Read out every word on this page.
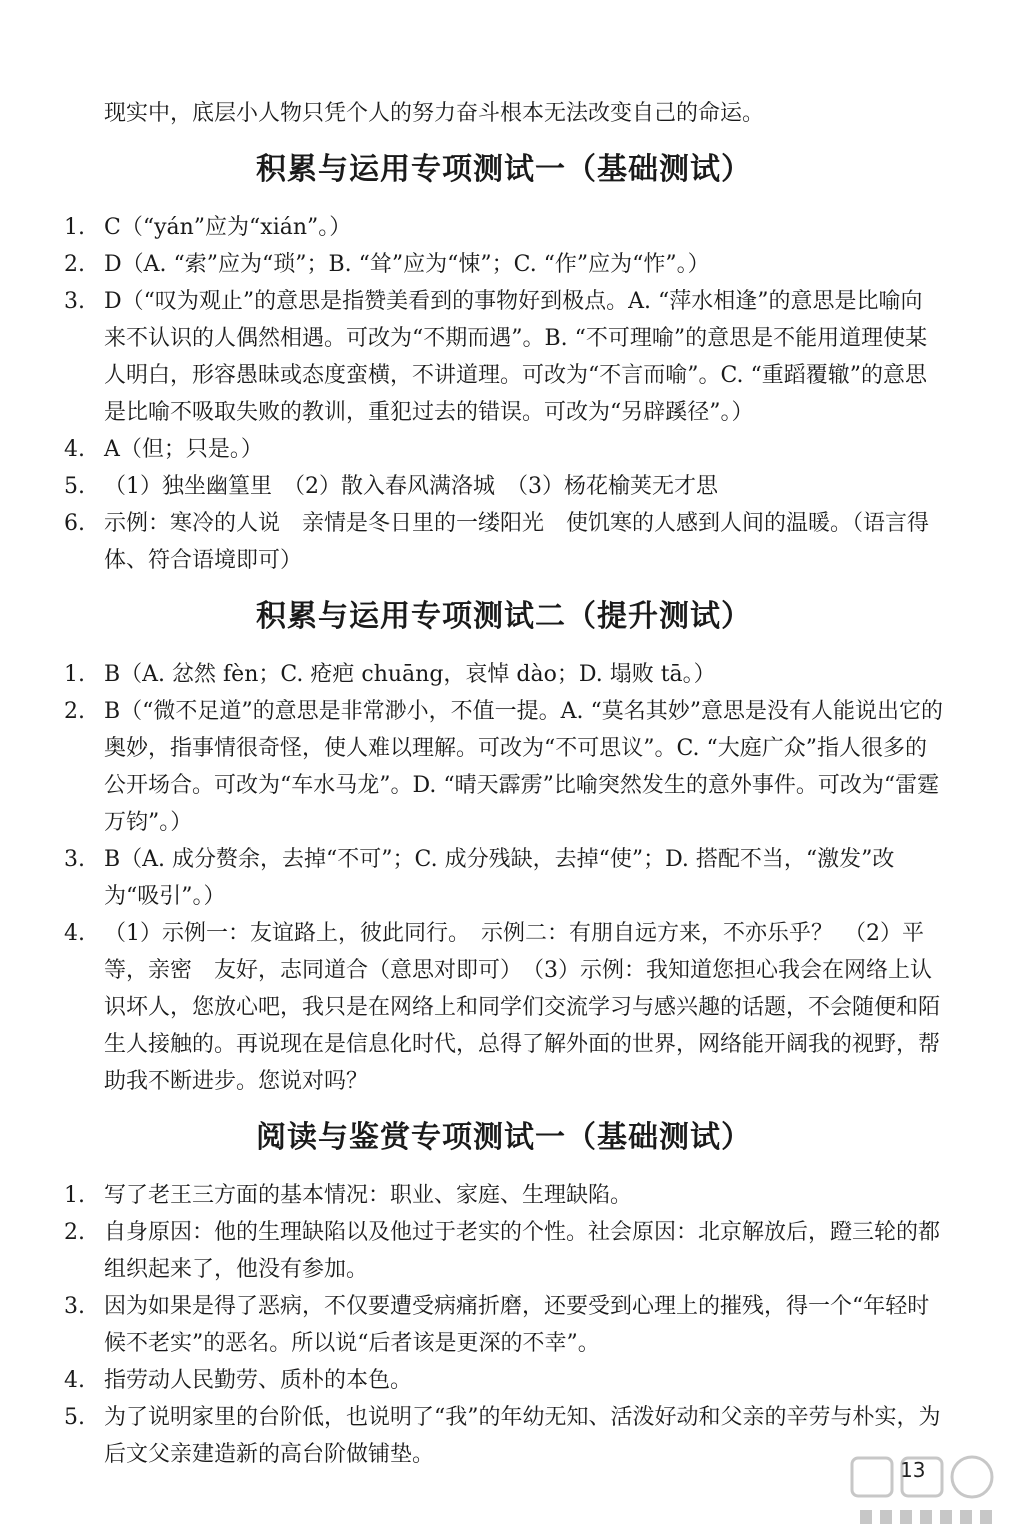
现实中，底层小人物只凭个人的努力奋斗根本无法改变自己的命运。

积累与运用专项测试一（基础测试）
1. C（“yán”应为“xián”。）
2. D（A. “索”应为“琐”；B. “耸”应为“悚”；C. “作”应为“怍”。）
3. D（“叹为观止”的意思是指赞美看到的事物好到极点。A. “萍水相逢”的意思是比喻向来不认识的人偶然相遇。可改为“不期而遇”。B. “不可理喻”的意思是不能用道理使某人明白，形容愚昧或态度蛮横，不讲道理。可改为“不言而喻”。C. “重蹈覆辙”的意思是比喻不吸取失败的教训，重犯过去的错误。可改为“另辟蹊径”。）
4. A（但；只是。）
5. （1）独坐幽篁里　（2）散入春风满洛城　（3）杨花榆荚无才思
6. 示例：寒冷的人说　亲情是冬日里的一缕阳光　使饥寒的人感到人间的温暖。（语言得体、符合语境即可）
积累与运用专项测试二（提升测试）
1. B（A. 忿然 fèn；C. 疮疤 chuāng，哀悼 dào；D. 塌败 tā。）
2. B（“微不足道”的意思是非常渺小，不值一提。A. “莫名其妙”意思是没有人能说出它的奥妙，指事情很奇怪，使人难以理解。可改为“不可思议”。C. “大庭广众”指人很多的公开场合。可改为“车水马龙”。D. “晴天霹雳”比喻突然发生的意外事件。可改为“雷霆万钧”。）
3. B（A. 成分赘余，去掉“不可”；C. 成分残缺，去掉“使”；D. 搭配不当，“激发”改为“吸引”。）
4. （1）示例一：友谊路上，彼此同行。　示例二：有朋自远方来，不亦乐乎？　（2）平等，亲密　友好，志同道合（意思对即可）　（3）示例：我知道您担心我会在网络上认识坏人，您放心吧，我只是在网络上和同学们交流学习与感兴趣的话题，不会随便和陌生人接触的。再说现在是信息化时代，总得了解外面的世界，网络能开阔我的视野，帮助我不断进步。您说对吗？
阅读与鉴赏专项测试一（基础测试）
1. 写了老王三方面的基本情况：职业、家庭、生理缺陷。
2. 自身原因：他的生理缺陷以及他过于老实的个性。社会原因：北京解放后，蹬三轮的都组织起来了，他没有参加。
3. 因为如果是得了恶病，不仅要遭受病痛折磨，还要受到心理上的摧残，得一个“年轻时候不老实”的恶名。所以说“后者该是更深的不幸”。
4. 指劳动人民勤劳、质朴的本色。
5. 为了说明家里的台阶低，也说明了“我”的年幼无知、活泼好动和父亲的辛劳与朴实，为后文父亲建造新的高台阶做铺垫。
13
